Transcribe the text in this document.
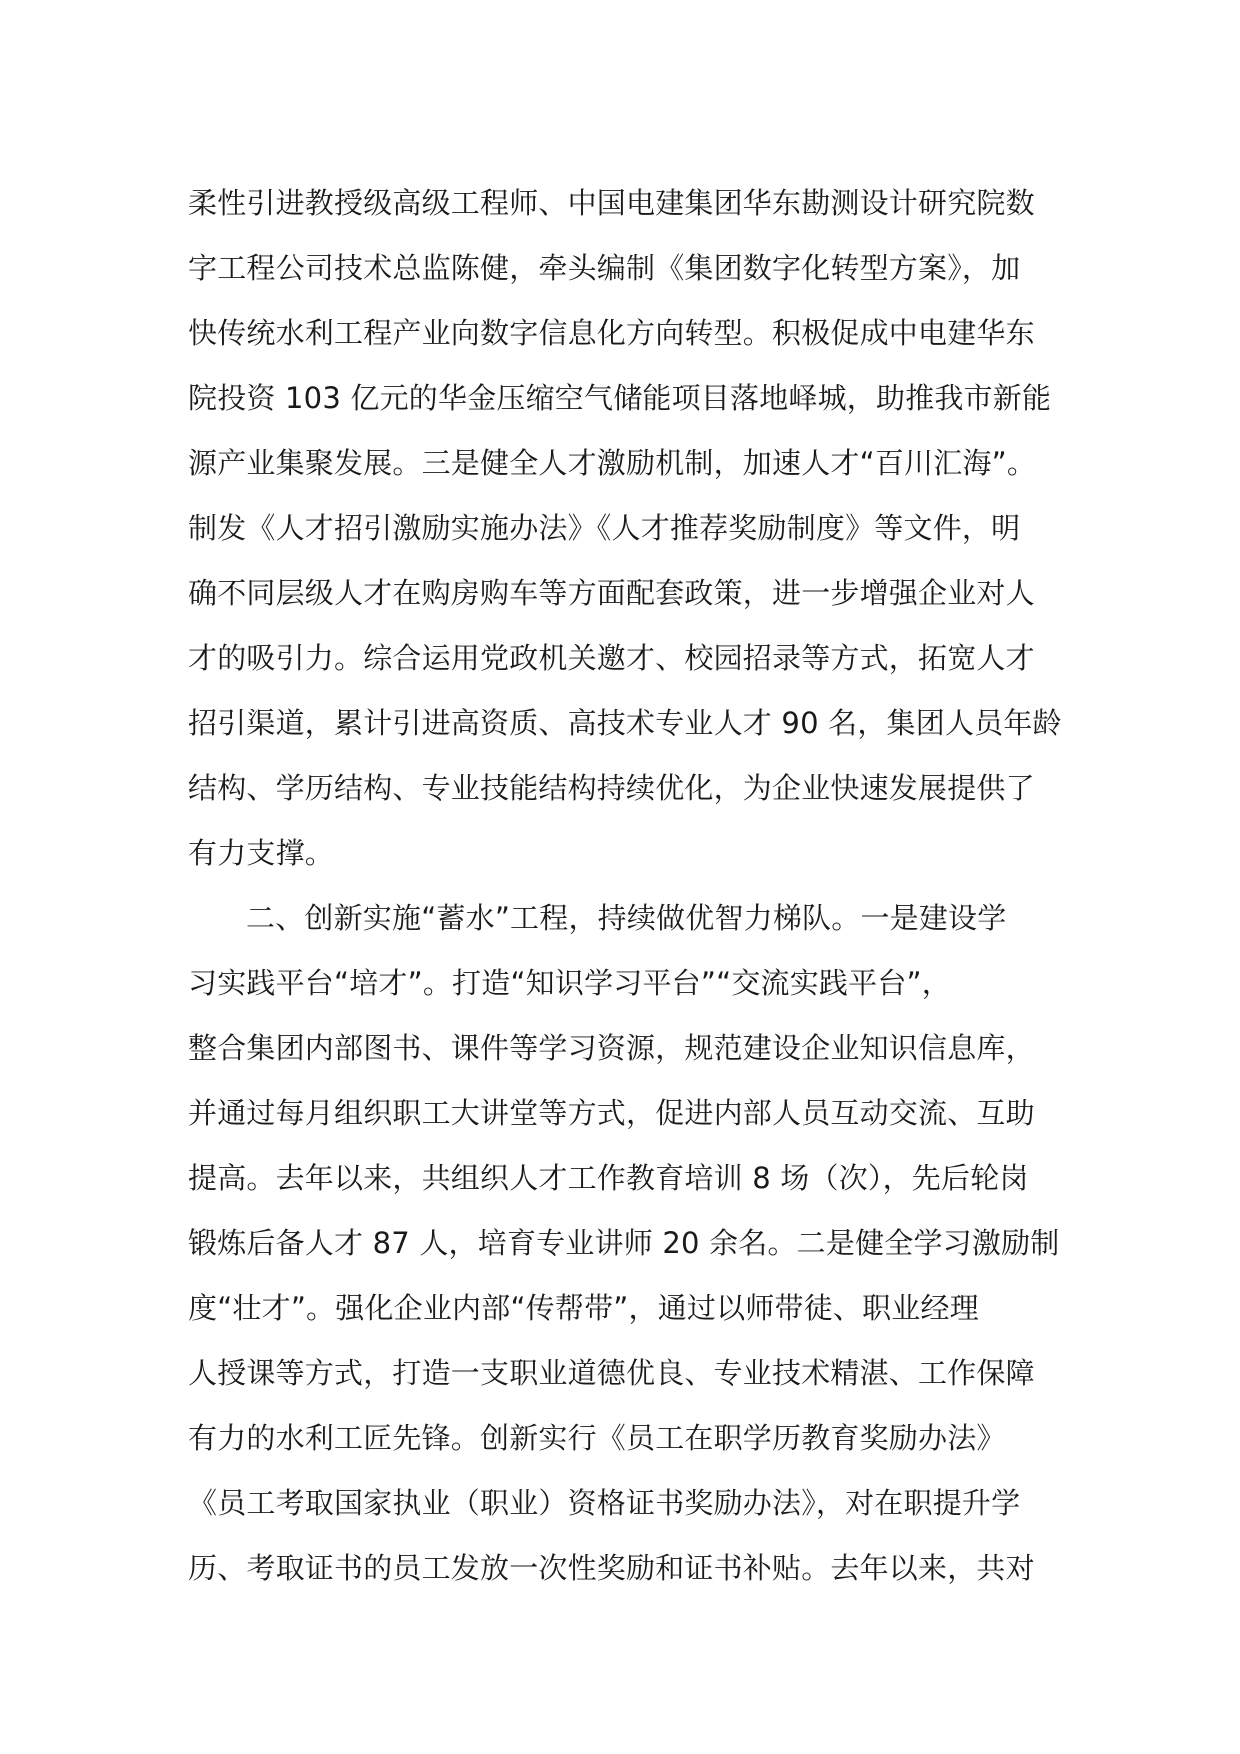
柔性引进教授级高级工程师、中国电建集团华东勘测设计研究院数
字工程公司技术总监陈健，牵头编制《集团数字化转型方案》，加
快传统水利工程产业向数字信息化方向转型。积极促成中电建华东
院投资 103 亿元的华金压缩空气储能项目落地峄城，助推我市新能
源产业集聚发展。三是健全人才激励机制，加速人才“百川汇海”。
制发《人才招引激励实施办法》《人才推荐奖励制度》等文件，明
确不同层级人才在购房购车等方面配套政策，进一步增强企业对人
才的吸引力。综合运用党政机关邀才、校园招录等方式，拓宽人才
招引渠道，累计引进高资质、高技术专业人才 90 名，集团人员年龄
结构、学历结构、专业技能结构持续优化，为企业快速发展提供了
有力支撑。
二、创新实施“蓄水”工程，持续做优智力梯队。一是建设学
习实践平台“培才”。打造“知识学习平台”“交流实践平台”，
整合集团内部图书、课件等学习资源，规范建设企业知识信息库，
并通过每月组织职工大讲堂等方式，促进内部人员互动交流、互助
提高。去年以来，共组织人才工作教育培训 8 场（次），先后轮岗
锻炼后备人才 87 人，培育专业讲师 20 余名。二是健全学习激励制
度“壮才”。强化企业内部“传帮带”，通过以师带徒、职业经理
人授课等方式，打造一支职业道德优良、专业技术精湛、工作保障
有力的水利工匠先锋。创新实行《员工在职学历教育奖励办法》
《员工考取国家执业（职业）资格证书奖励办法》，对在职提升学
历、考取证书的员工发放一次性奖励和证书补贴。去年以来，共对
